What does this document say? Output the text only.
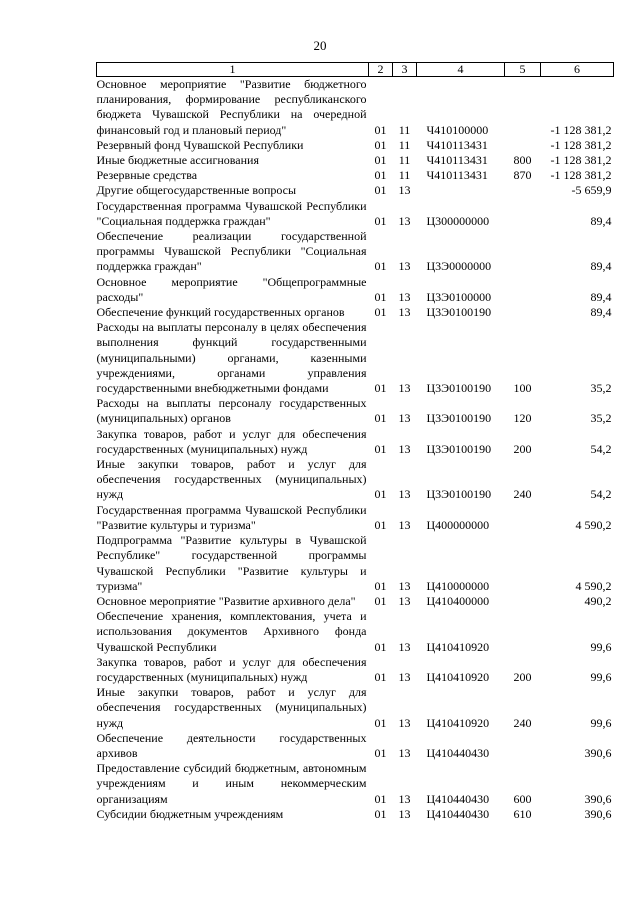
20
1	2	3	4	5	6
Основное мероприятие "Развитие бюджетного планирования, формирование республиканского бюджета Чувашской Республики на очередной финансовый год и плановый период"	01	11	Ч410100000		-1 128 381,2
Резервный фонд Чувашской Республики	01	11	Ч410113431		-1 128 381,2
Иные бюджетные ассигнования	01	11	Ч410113431	800	-1 128 381,2
Резервные средства	01	11	Ч410113431	870	-1 128 381,2
Другие общегосударственные вопросы	01	13			-5 659,9
Государственная программа Чувашской Республики "Социальная поддержка граждан"	01	13	Ц300000000		89,4
Обеспечение реализации государственной программы Чувашской Республики "Социальная поддержка граждан"	01	13	Ц3Э0000000		89,4
Основное мероприятие "Общепрограммные расходы"	01	13	Ц3Э0100000		89,4
Обеспечение функций государственных органов	01	13	Ц3Э0100190		89,4
Расходы на выплаты персоналу в целях обеспечения выполнения функций государственными (муниципальными) органами, казенными учреждениями, органами управления государственными внебюджетными фондами	01	13	Ц3Э0100190	100	35,2
Расходы на выплаты персоналу государственных (муниципальных) органов	01	13	Ц3Э0100190	120	35,2
Закупка товаров, работ и услуг для обеспечения государственных (муниципальных) нужд	01	13	Ц3Э0100190	200	54,2
Иные закупки товаров, работ и услуг для обеспечения государственных (муниципальных) нужд	01	13	Ц3Э0100190	240	54,2
Государственная программа Чувашской Республики "Развитие культуры и туризма"	01	13	Ц400000000		4 590,2
Подпрограмма "Развитие культуры в Чувашской Республике" государственной программы Чувашской Республики "Развитие культуры и туризма"	01	13	Ц410000000		4 590,2
Основное мероприятие "Развитие архивного дела"	01	13	Ц410400000		490,2
Обеспечение хранения, комплектования, учета и использования документов Архивного фонда Чувашской Республики	01	13	Ц410410920		99,6
Закупка товаров, работ и услуг для обеспечения государственных (муниципальных) нужд	01	13	Ц410410920	200	99,6
Иные закупки товаров, работ и услуг для обеспечения государственных (муниципальных) нужд	01	13	Ц410410920	240	99,6
Обеспечение деятельности государственных архивов	01	13	Ц410440430		390,6
Предоставление субсидий бюджетным, автономным учреждениям и иным некоммерческим организациям	01	13	Ц410440430	600	390,6
Субсидии бюджетным учреждениям	01	13	Ц410440430	610	390,6
